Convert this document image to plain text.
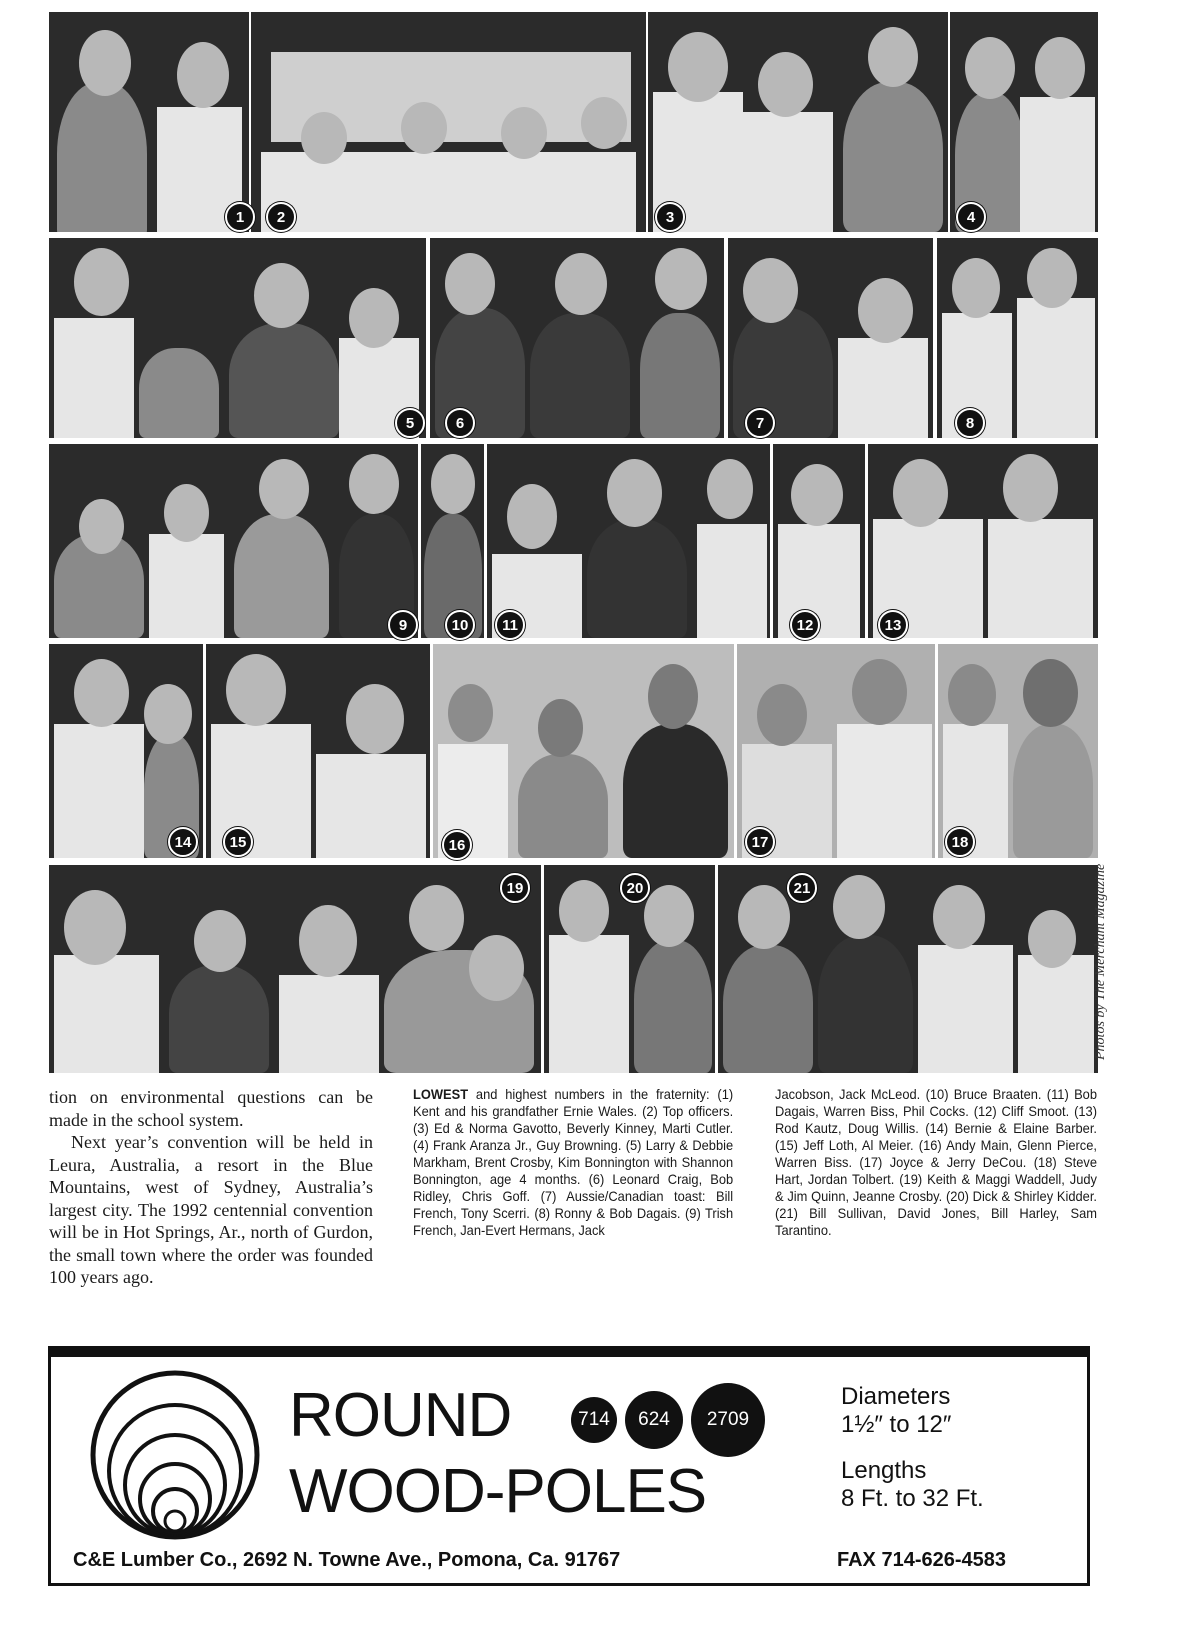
1	2	3	4
5	6	7	8
9	10	11	12	13
14	15	16	17	18
19	20	21	Photos by The Merchant Magazine

tion on environmental questions can be made in the school system.

Next year’s convention will be held in Leura, Australia, a resort in the Blue Mountains, west of Sydney, Australia’s largest city. The 1992 centennial convention will be in Hot Springs, Ar., north of Gurdon, the small town where the order was founded 100 years ago.

LOWEST and highest numbers in the fraternity: (1) Kent and his grandfather Ernie Wales. (2) Top officers. (3) Ed & Norma Gavotto, Beverly Kinney, Marti Cutler. (4) Frank Aranza Jr., Guy Browning. (5) Larry & Debbie Markham, Brent Crosby, Kim Bonnington with Shannon Bonnington, age 4 months. (6) Leonard Craig, Bob Ridley, Chris Goff. (7) Aussie/Canadian toast: Bill French, Tony Scerri. (8) Ronny & Bob Dagais. (9) Trish French, Jan-Evert Hermans, Jack
Jacobson, Jack McLeod. (10) Bruce Braaten. (11) Bob Dagais, Warren Biss, Phil Cocks. (12) Cliff Smoot. (13) Rod Kautz, Doug Willis. (14) Bernie & Elaine Barber. (15) Jeff Loth, Al Meier. (16) Andy Main, Glenn Pierce, Warren Biss. (17) Joyce & Jerry DeCou. (18) Steve Hart, Jordan Tolbert. (19) Keith & Maggi Waddell, Judy & Jim Quinn, Jeanne Crosby. (20) Dick & Shirley Kidder. (21) Bill Sullivan, David Jones, Bill Harley, Sam Tarantino.
ROUND
WOOD-POLES
714	624	2709
Diameters
1½″ to 12″
Lengths
8 Ft. to 32 Ft.
C&E Lumber Co., 2692 N. Towne Ave., Pomona, Ca. 91767	FAX 714-626-4583
